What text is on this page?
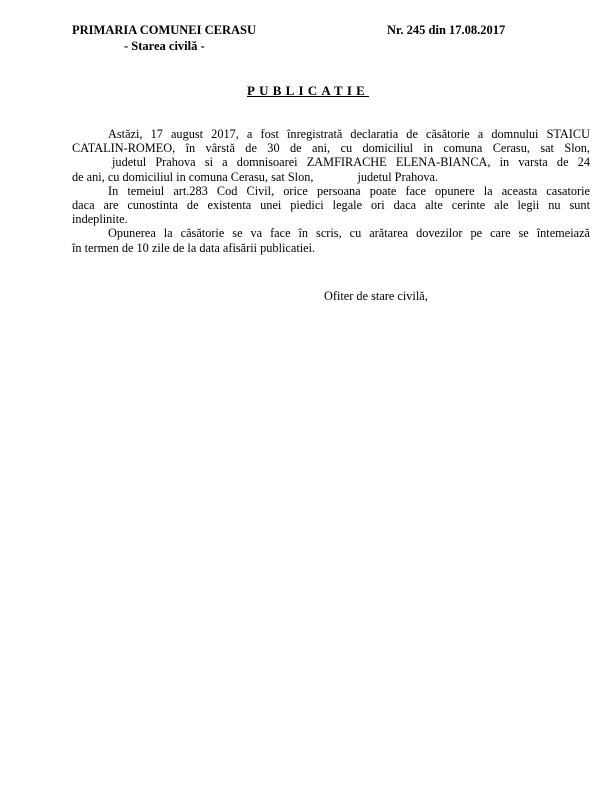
PRIMARIA COMUNEI CERASU
- Starea civilă -
Nr. 245 din 17.08.2017
PUBLICATIE

Astăzi, 17 august 2017, a fost înregistrată declaratia de căsătorie a domnului STAICU
CATALIN-ROMEO, în vârstă de 30 de ani, cu domiciliul in comuna Cerasu, sat Slon,
judetul Prahova si a domnisoarei ZAMFIRACHE ELENA-BIANCA, in varsta de 24
de ani, cu domiciliul in comuna Cerasu, sat Slon,	judetul Prahova.

In temeiul art.283 Cod Civil, orice persoana poate face opunere la aceasta casatorie
daca are cunostinta de existenta unei piedici legale ori daca alte cerinte ale legii nu sunt
indeplinite.

Opunerea la căsătorie se va face în scris, cu arătarea dovezilor pe care se întemeiază
în termen de 10 zile de la data afisării publicatiei.

Ofiter de stare civilă,
